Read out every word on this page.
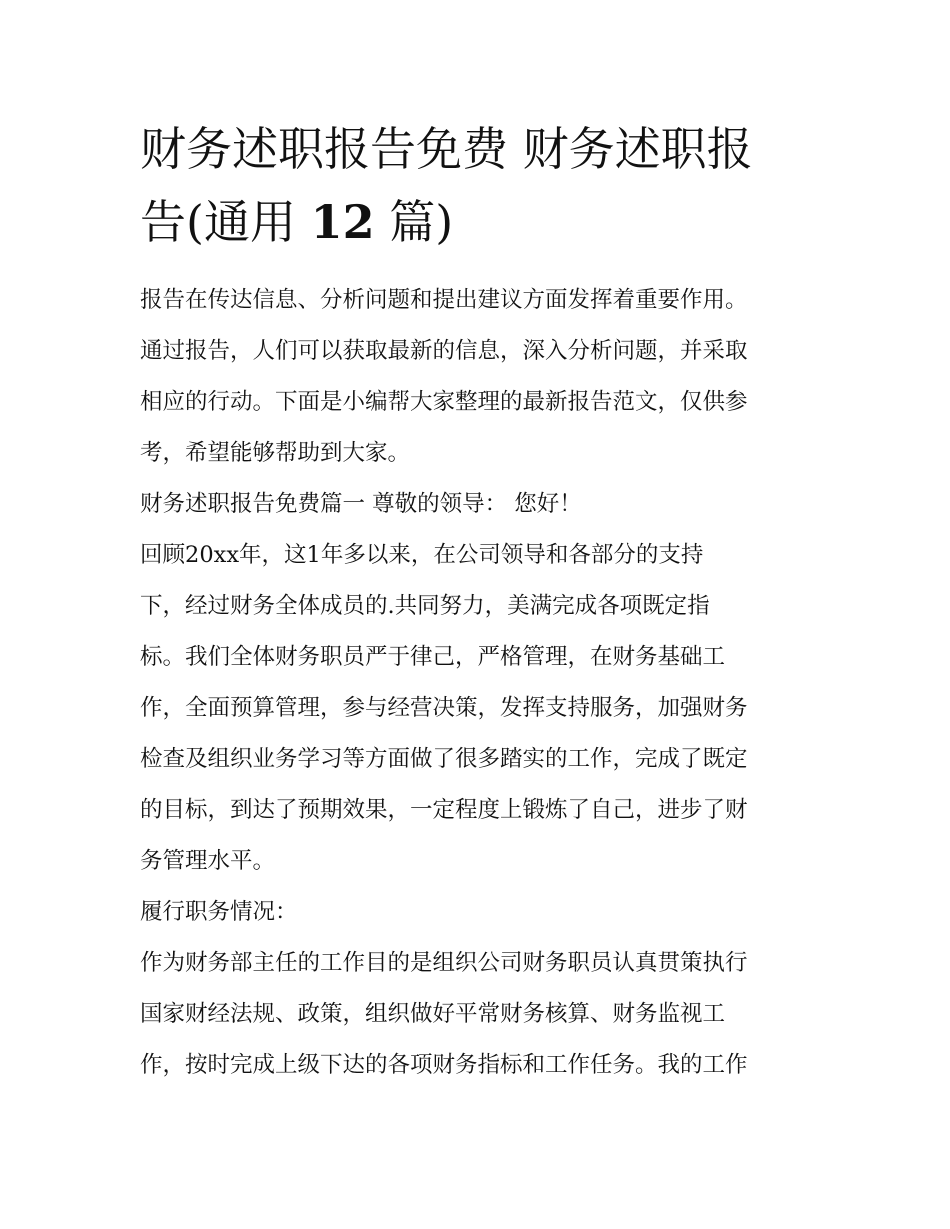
财务述职报告免费 财务述职报
告(通用 12 篇)
报告在传达信息、分析问题和提出建议方面发挥着重要作用。
通过报告，人们可以获取最新的信息，深入分析问题，并采取
相应的行动。下面是小编帮大家整理的最新报告范文，仅供参
考，希望能够帮助到大家。
财务述职报告免费篇一 尊敬的领导： 您好！
回顾20xx年，这1年多以来，在公司领导和各部分的支持
下，经过财务全体成员的.共同努力，美满完成各项既定指
标。我们全体财务职员严于律己，严格管理，在财务基础工
作，全面预算管理，参与经营决策，发挥支持服务，加强财务
检查及组织业务学习等方面做了很多踏实的工作，完成了既定
的目标，到达了预期效果，一定程度上锻炼了自己，进步了财
务管理水平。
履行职务情况：
作为财务部主任的工作目的是组织公司财务职员认真贯策执行
国家财经法规、政策，组织做好平常财务核算、财务监视工
作，按时完成上级下达的各项财务指标和工作任务。我的工作
